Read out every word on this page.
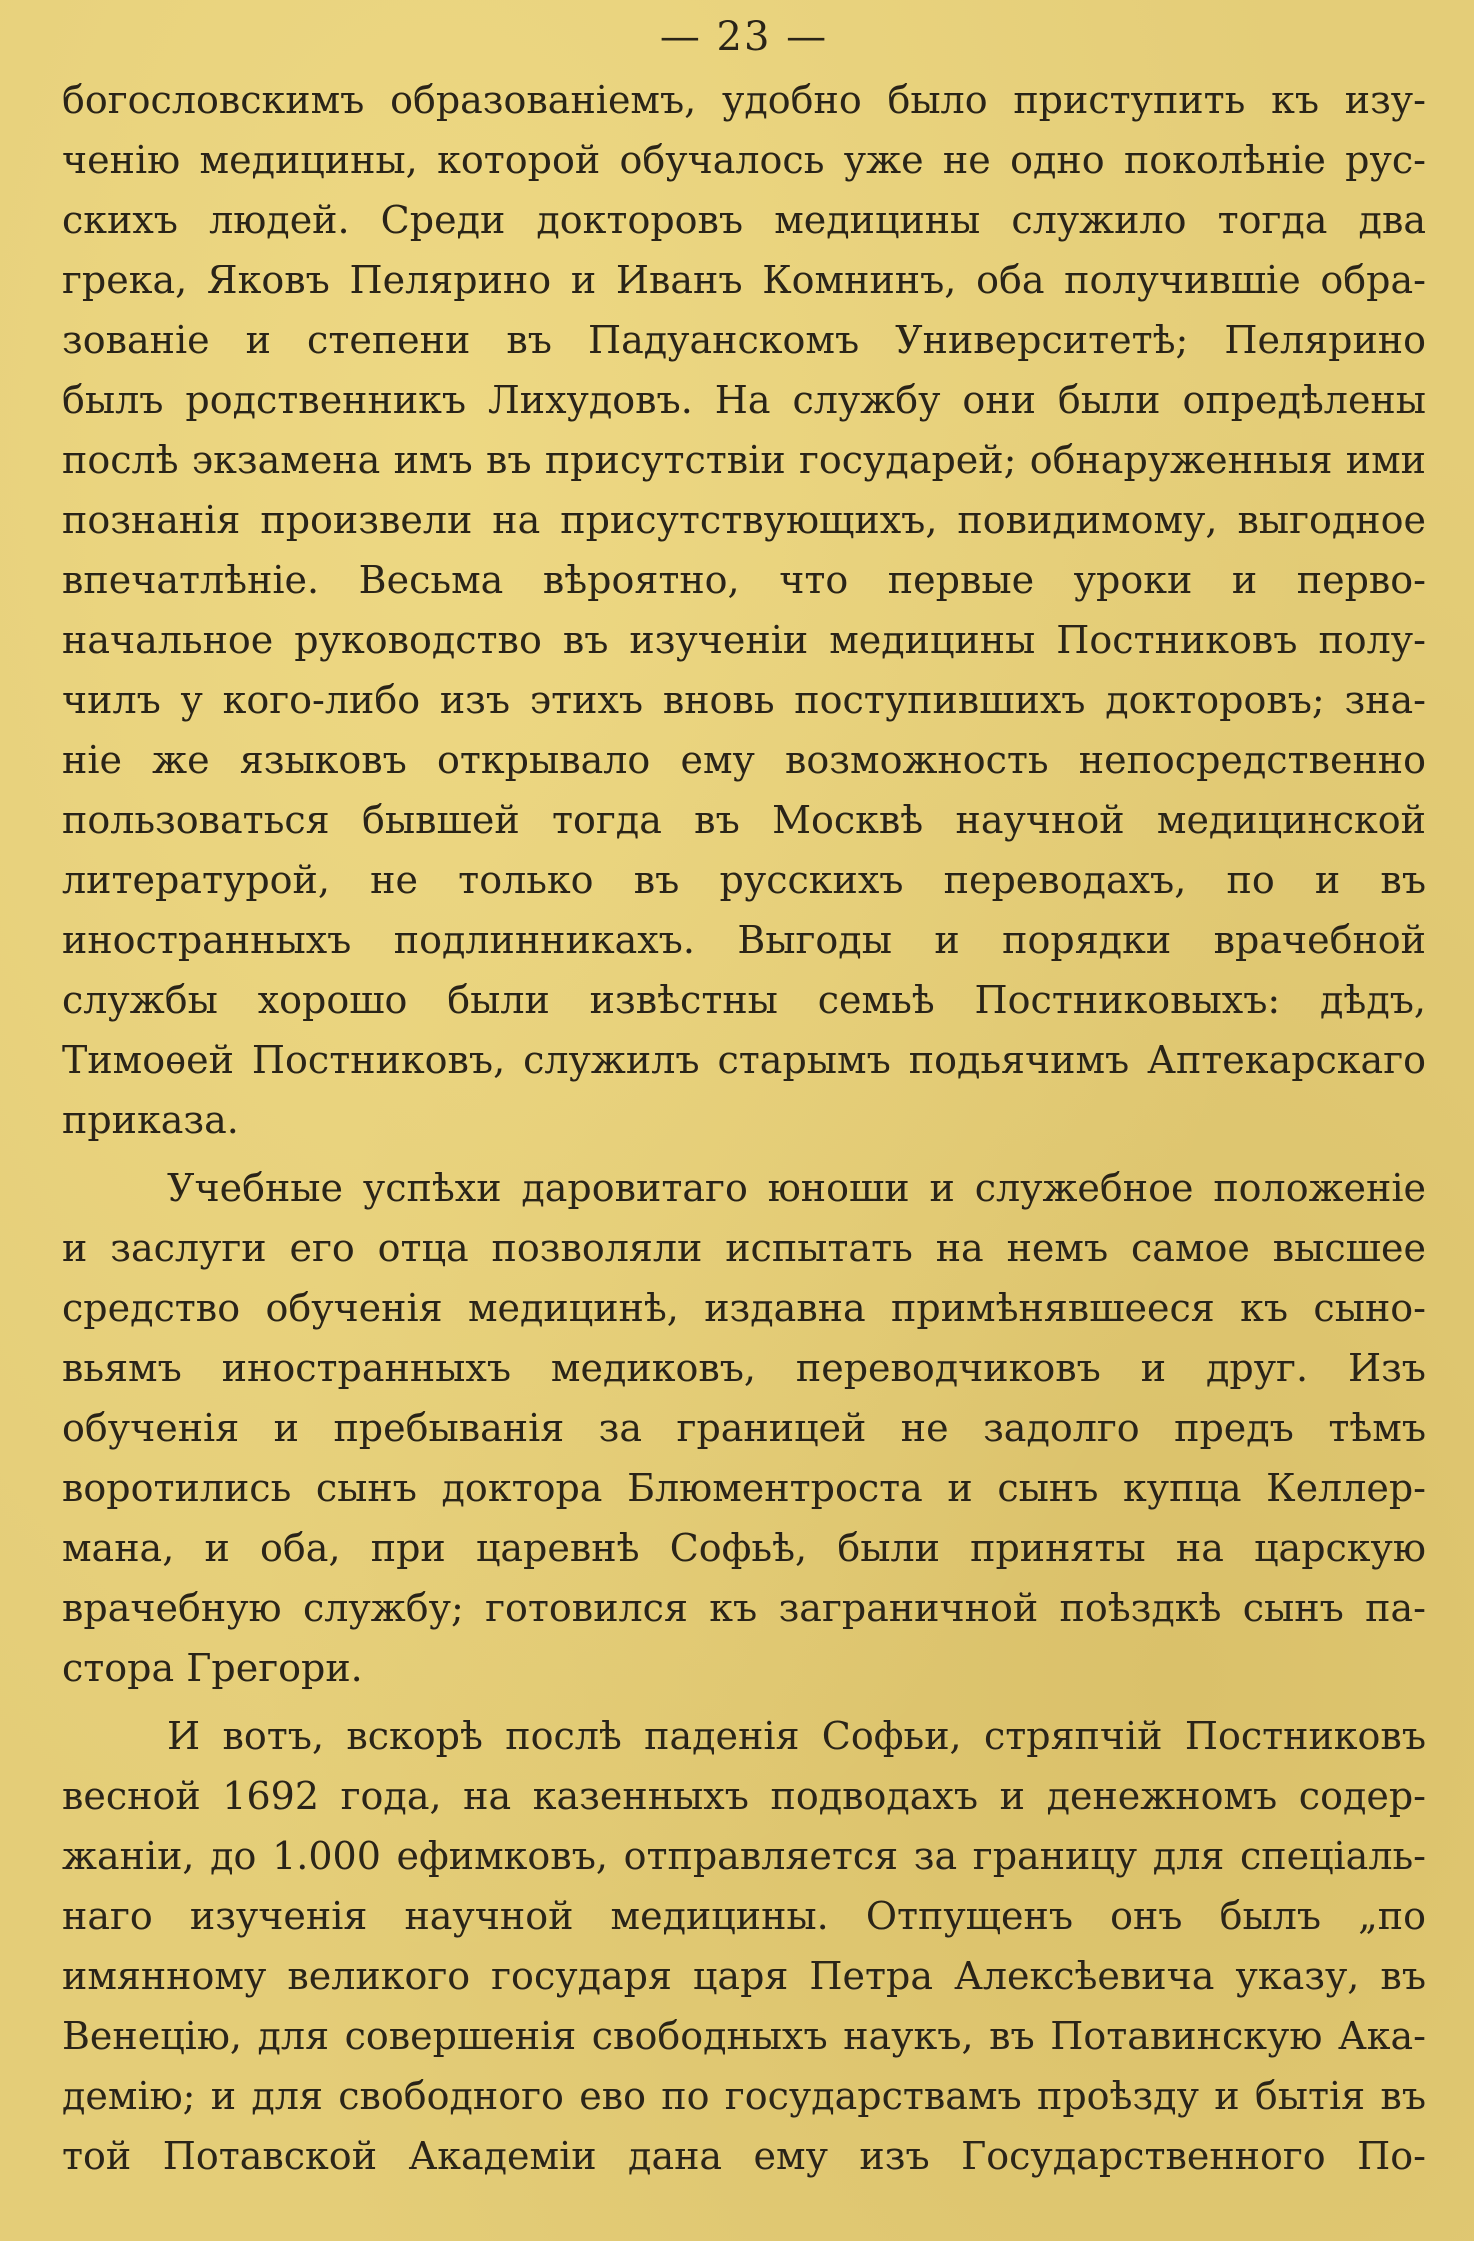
— 23 —
богословскимъ образованіемъ, удобно было приступить къ изу-
ченію медицины, которой обучалось уже не одно поколѣніе рус-
скихъ людей. Среди докторовъ медицины служило тогда два
грека, Яковъ Пелярино и Иванъ Комнинъ, оба получившіе обра-
зованіе и степени въ Падуанскомъ Университетѣ; Пелярино
былъ родственникъ Лихудовъ. На службу они были опредѣлены
послѣ экзамена имъ въ присутствіи государей; обнаруженныя ими
познанія произвели на присутствующихъ, повидимому, выгодное
впечатлѣніе. Весьма вѣроятно, что первые уроки и перво-
начальное руководство въ изученіи медицины Постниковъ полу-
чилъ у кого-либо изъ этихъ вновь поступившихъ докторовъ; зна-
ніе же языковъ открывало ему возможность непосредственно
пользоваться бывшей тогда въ Москвѣ научной медицинской
литературой, не только въ русскихъ переводахъ, по и въ
иностранныхъ подлинникахъ. Выгоды и порядки врачебной
службы хорошо были извѣстны семьѣ Постниковыхъ: дѣдъ,
Тимоѳей Постниковъ, служилъ старымъ подьячимъ Аптекарскаго
приказа.
Учебные успѣхи даровитаго юноши и служебное положеніе
и заслуги его отца позволяли испытать на немъ самое высшее
средство обученія медицинѣ, издавна примѣнявшееся къ сыно-
вьямъ иностранныхъ медиковъ, переводчиковъ и друг. Изъ
обученія и пребыванія за границей не задолго предъ тѣмъ
воротились сынъ доктора Блюментроста и сынъ купца Келлер-
мана, и оба, при царевнѣ Софьѣ, были приняты на царскую
врачебную службу; готовился къ заграничной поѣздкѣ сынъ па-
стора Грегори.
И вотъ, вскорѣ послѣ паденія Софьи, стряпчій Постниковъ
весной 1692 года, на казенныхъ подводахъ и денежномъ содер-
жаніи, до 1.000 ефимковъ, отправляется за границу для спеціаль-
наго изученія научной медицины. Отпущенъ онъ былъ „по
имянному великого государя царя Петра Алексѣевича указу, въ
Венецію, для совершенія свободныхъ наукъ, въ Потавинскую Ака-
демію; и для свободного ево по государствамъ проѣзду и бытія въ
той Потавской Академіи дана ему изъ Государственного По-
